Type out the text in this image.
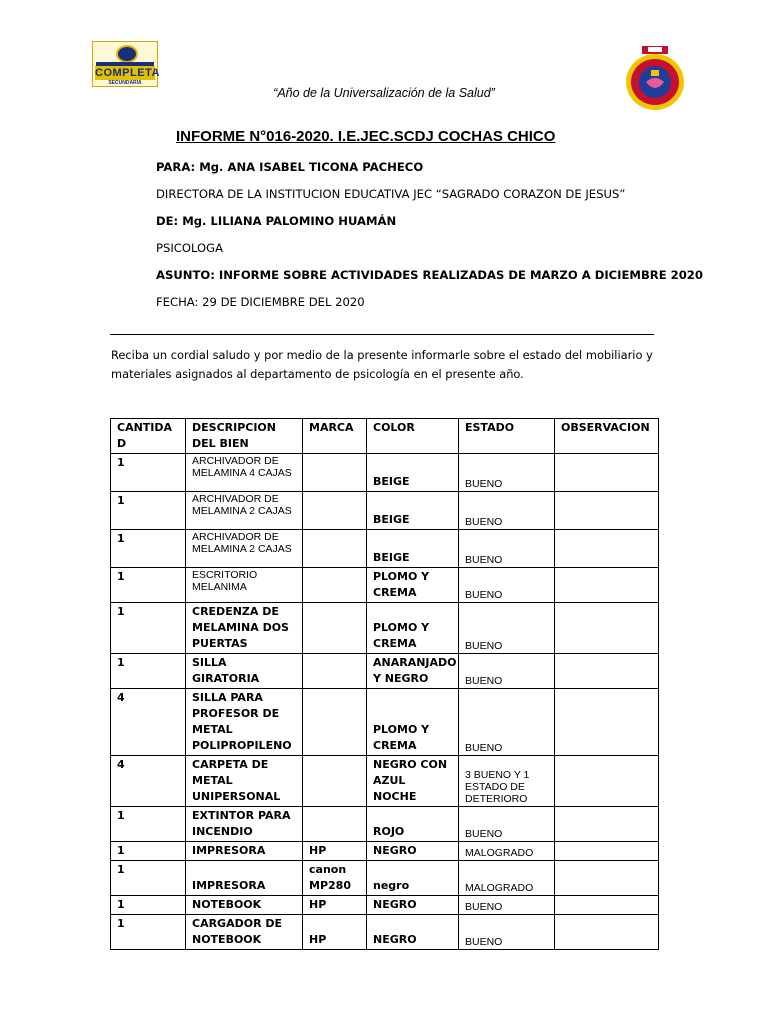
COMPLETA
SECUNDARIA
“Año de la Universalización de la Salud”
INFORME N°016-2020. I.E.JEC.SCDJ COCHAS CHICO
PARA: Mg. ANA ISABEL TICONA PACHECO
DIRECTORA DE LA INSTITUCION EDUCATIVA JEC “SAGRADO CORAZON DE JESUS”
DE: Mg. LILIANA PALOMINO HUAMÁN
PSICOLOGA
ASUNTO: INFORME SOBRE ACTIVIDADES REALIZADAS DE MARZO A DICIEMBRE 2020
FECHA: 29 DE DICIEMBRE DEL 2020
Reciba un cordial saludo y por medio de la presente informarle sobre el estado del mobiliario y materiales asignados al departamento de psicología en el presente año.
CANTIDAD	DESCRIPCION DEL BIEN	MARCA	COLOR	ESTADO	OBSERVACION
1	ARCHIVADOR DE MELAMINA 4 CAJAS		BEIGE	BUENO	
1	ARCHIVADOR DE MELAMINA 2 CAJAS		BEIGE	BUENO	
1	ARCHIVADOR DE MELAMINA 2 CAJAS		BEIGE	BUENO	
1	ESCRITORIO MELANIMA		PLOMO Y CREMA	BUENO	
1	CREDENZA DE MELAMINA DOS PUERTAS		PLOMO Y CREMA	BUENO	
1	SILLA GIRATORIA		ANARANJADO Y NEGRO	BUENO	
4	SILLA PARA PROFESOR DE METAL POLIPROPILENO		PLOMO Y CREMA	BUENO	
4	CARPETA DE METAL UNIPERSONAL		NEGRO CON AZUL NOCHE	3 BUENO Y 1 ESTADO DE DETERIORO	
1	EXTINTOR PARA INCENDIO		ROJO	BUENO	
1	IMPRESORA	HP	NEGRO	MALOGRADO	
1	IMPRESORA	canon MP280	negro	MALOGRADO	
1	NOTEBOOK	HP	NEGRO	BUENO	
1	CARGADOR DE NOTEBOOK	HP	NEGRO	BUENO	
